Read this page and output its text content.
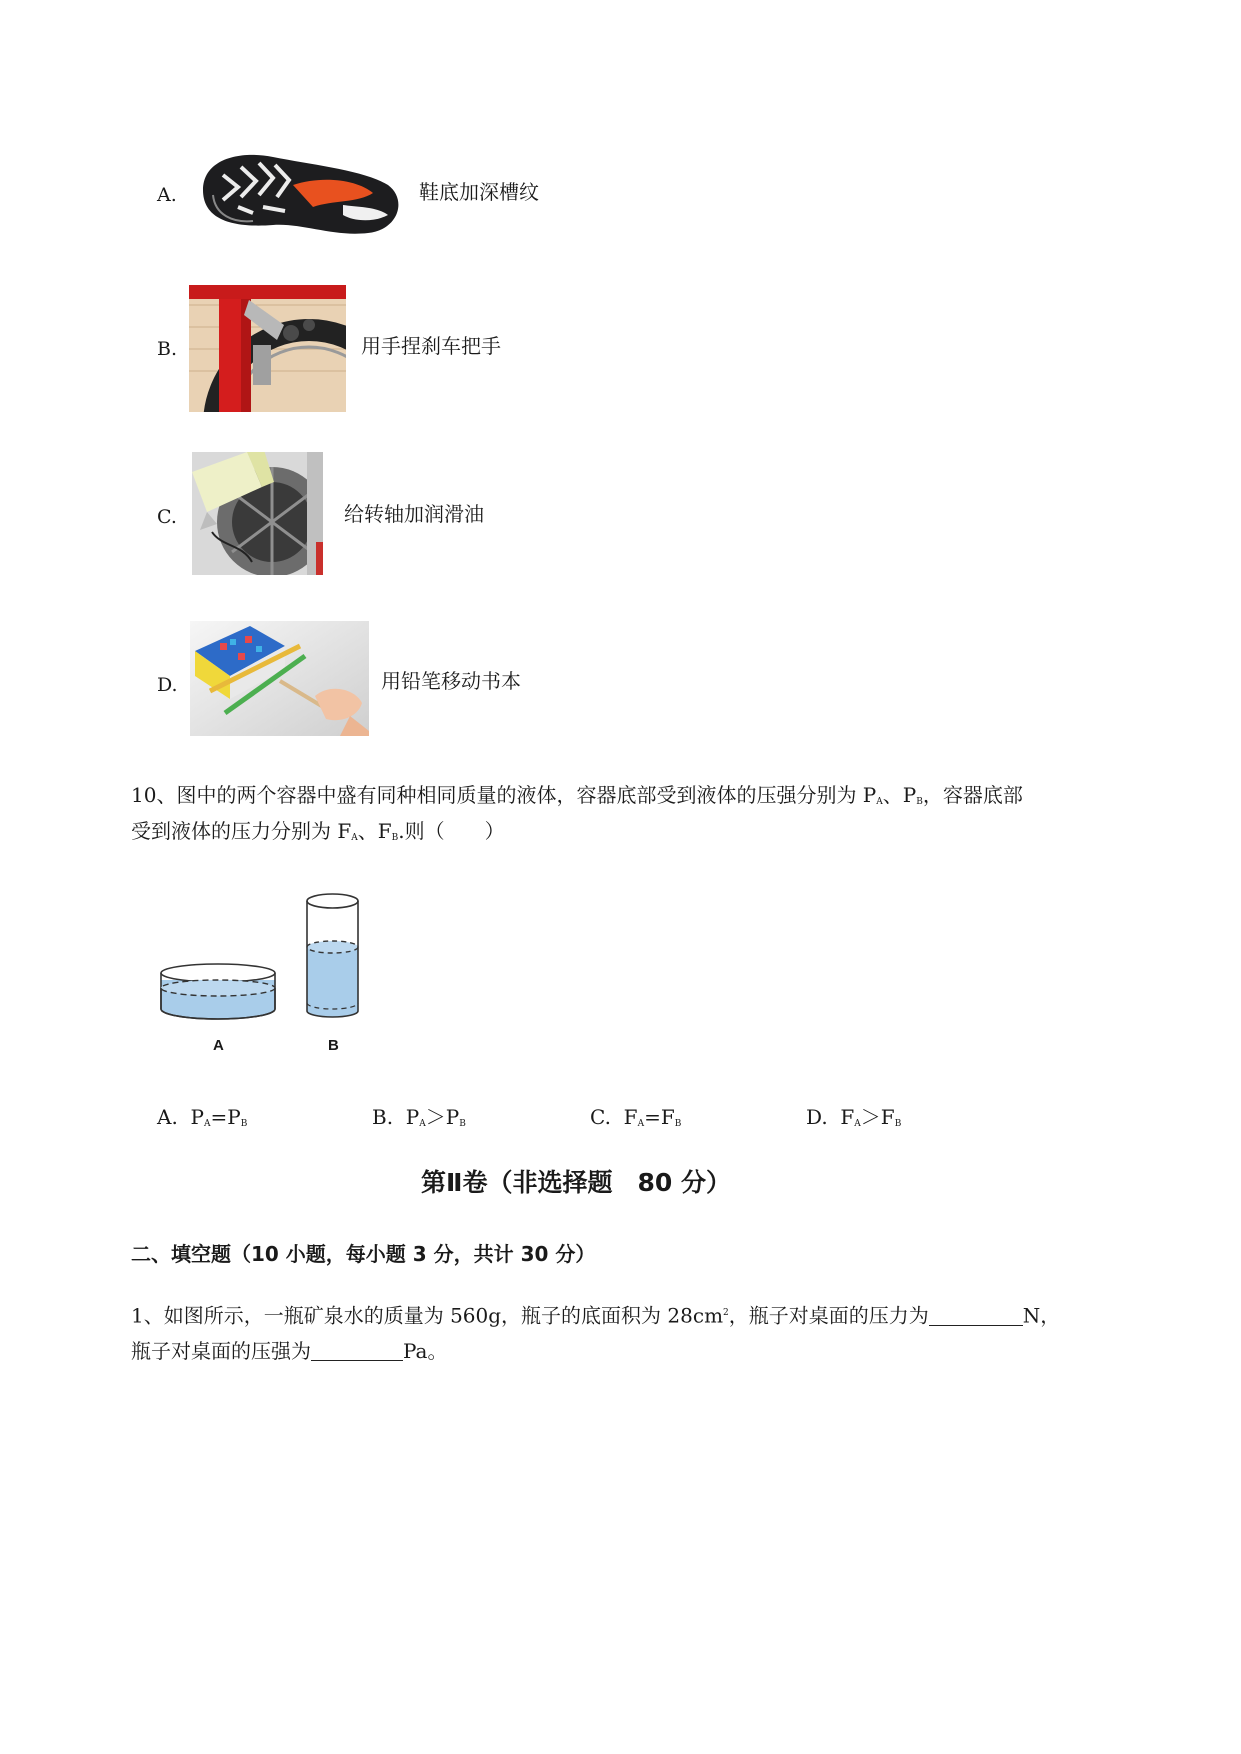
A.	鞋底加深槽纹
B.	用手捏刹车把手
C.	给转轴加润滑油
D.	用铅笔移动书本
10、图中的两个容器中盛有同种相同质量的液体，容器底部受到液体的压强分别为 $P_A$、$P_B$，容器底部
受到液体的压力分别为 $F_A$、$F_B$.则（　　）
A	B
A. $P_A=P_B$	B. $P_A>P_B$	C. $F_A=F_B$	D. $F_A>F_B$
第Ⅱ卷（非选择题　80 分）
二、填空题（10 小题，每小题 3 分，共计 30 分）
1、如图所示，一瓶矿泉水的质量为 560g，瓶子的底面积为 $28cm^2$，瓶子对桌面的压力为	N，
瓶子对桌面的压强为	Pa。
